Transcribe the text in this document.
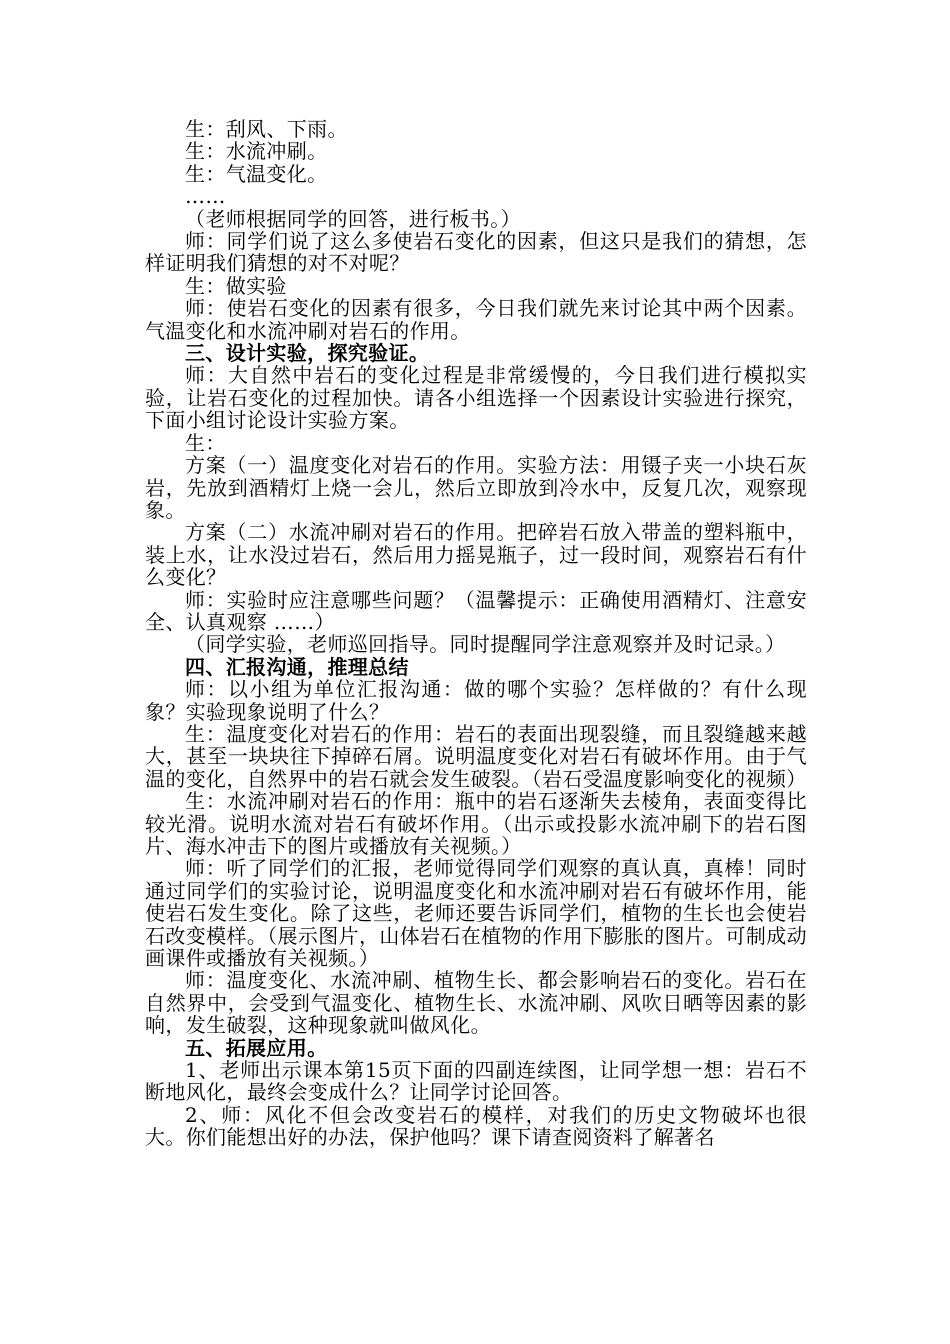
生：刮风、下雨。

生：水流冲刷。

生：气温变化。

……

（老师根据同学的回答，进行板书。）

师：同学们说了这么多使岩石变化的因素，但这只是我们的猜想，怎样证明我们猜想的对不对呢？

生：做实验

师：使岩石变化的因素有很多，今日我们就先来讨论其中两个因素。气温变化和水流冲刷对岩石的作用。

三、设计实验，探究验证。

师：大自然中岩石的变化过程是非常缓慢的，今日我们进行模拟实验，让岩石变化的过程加快。请各小组选择一个因素设计实验进行探究，下面小组讨论设计实验方案。

生：

方案（一）温度变化对岩石的作用。实验方法：用镊子夹一小块石灰岩，先放到酒精灯上烧一会儿，然后立即放到冷水中，反复几次，观察现象。

方案（二）水流冲刷对岩石的作用。把碎岩石放入带盖的塑料瓶中，装上水，让水没过岩石，然后用力摇晃瓶子，过一段时间，观察岩石有什么变化？

师：实验时应注意哪些问题？（温馨提示：正确使用酒精灯、注意安全、认真观察 ……）

（同学实验，老师巡回指导。同时提醒同学注意观察并及时记录。）

四、汇报沟通，推理总结

师：以小组为单位汇报沟通：做的哪个实验？怎样做的？有什么现象？实验现象说明了什么？

生：温度变化对岩石的作用：岩石的表面出现裂缝，而且裂缝越来越大，甚至一块块往下掉碎石屑。说明温度变化对岩石有破坏作用。由于气温的变化，自然界中的岩石就会发生破裂。（岩石受温度影响变化的视频）

生：水流冲刷对岩石的作用：瓶中的岩石逐渐失去棱角，表面变得比较光滑。说明水流对岩石有破坏作用。（出示或投影水流冲刷下的岩石图片、海水冲击下的图片或播放有关视频。）

师：听了同学们的汇报，老师觉得同学们观察的真认真，真棒！同时通过同学们的实验讨论，说明温度变化和水流冲刷对岩石有破坏作用，能使岩石发生变化。除了这些，老师还要告诉同学们，植物的生长也会使岩石改变模样。（展示图片，山体岩石在植物的作用下膨胀的图片。可制成动画课件或播放有关视频。）

师：温度变化、水流冲刷、植物生长、都会影响岩石的变化。岩石在自然界中，会受到气温变化、植物生长、水流冲刷、风吹日晒等因素的影响，发生破裂，这种现象就叫做风化。

五、拓展应用。

1、老师出示课本第15页下面的四副连续图，让同学想一想：岩石不断地风化，最终会变成什么？让同学讨论回答。

2、师：风化不但会改变岩石的模样，对我们的历史文物破坏也很大。你们能想出好的办法，保护他吗？课下请查阅资料了解著名
